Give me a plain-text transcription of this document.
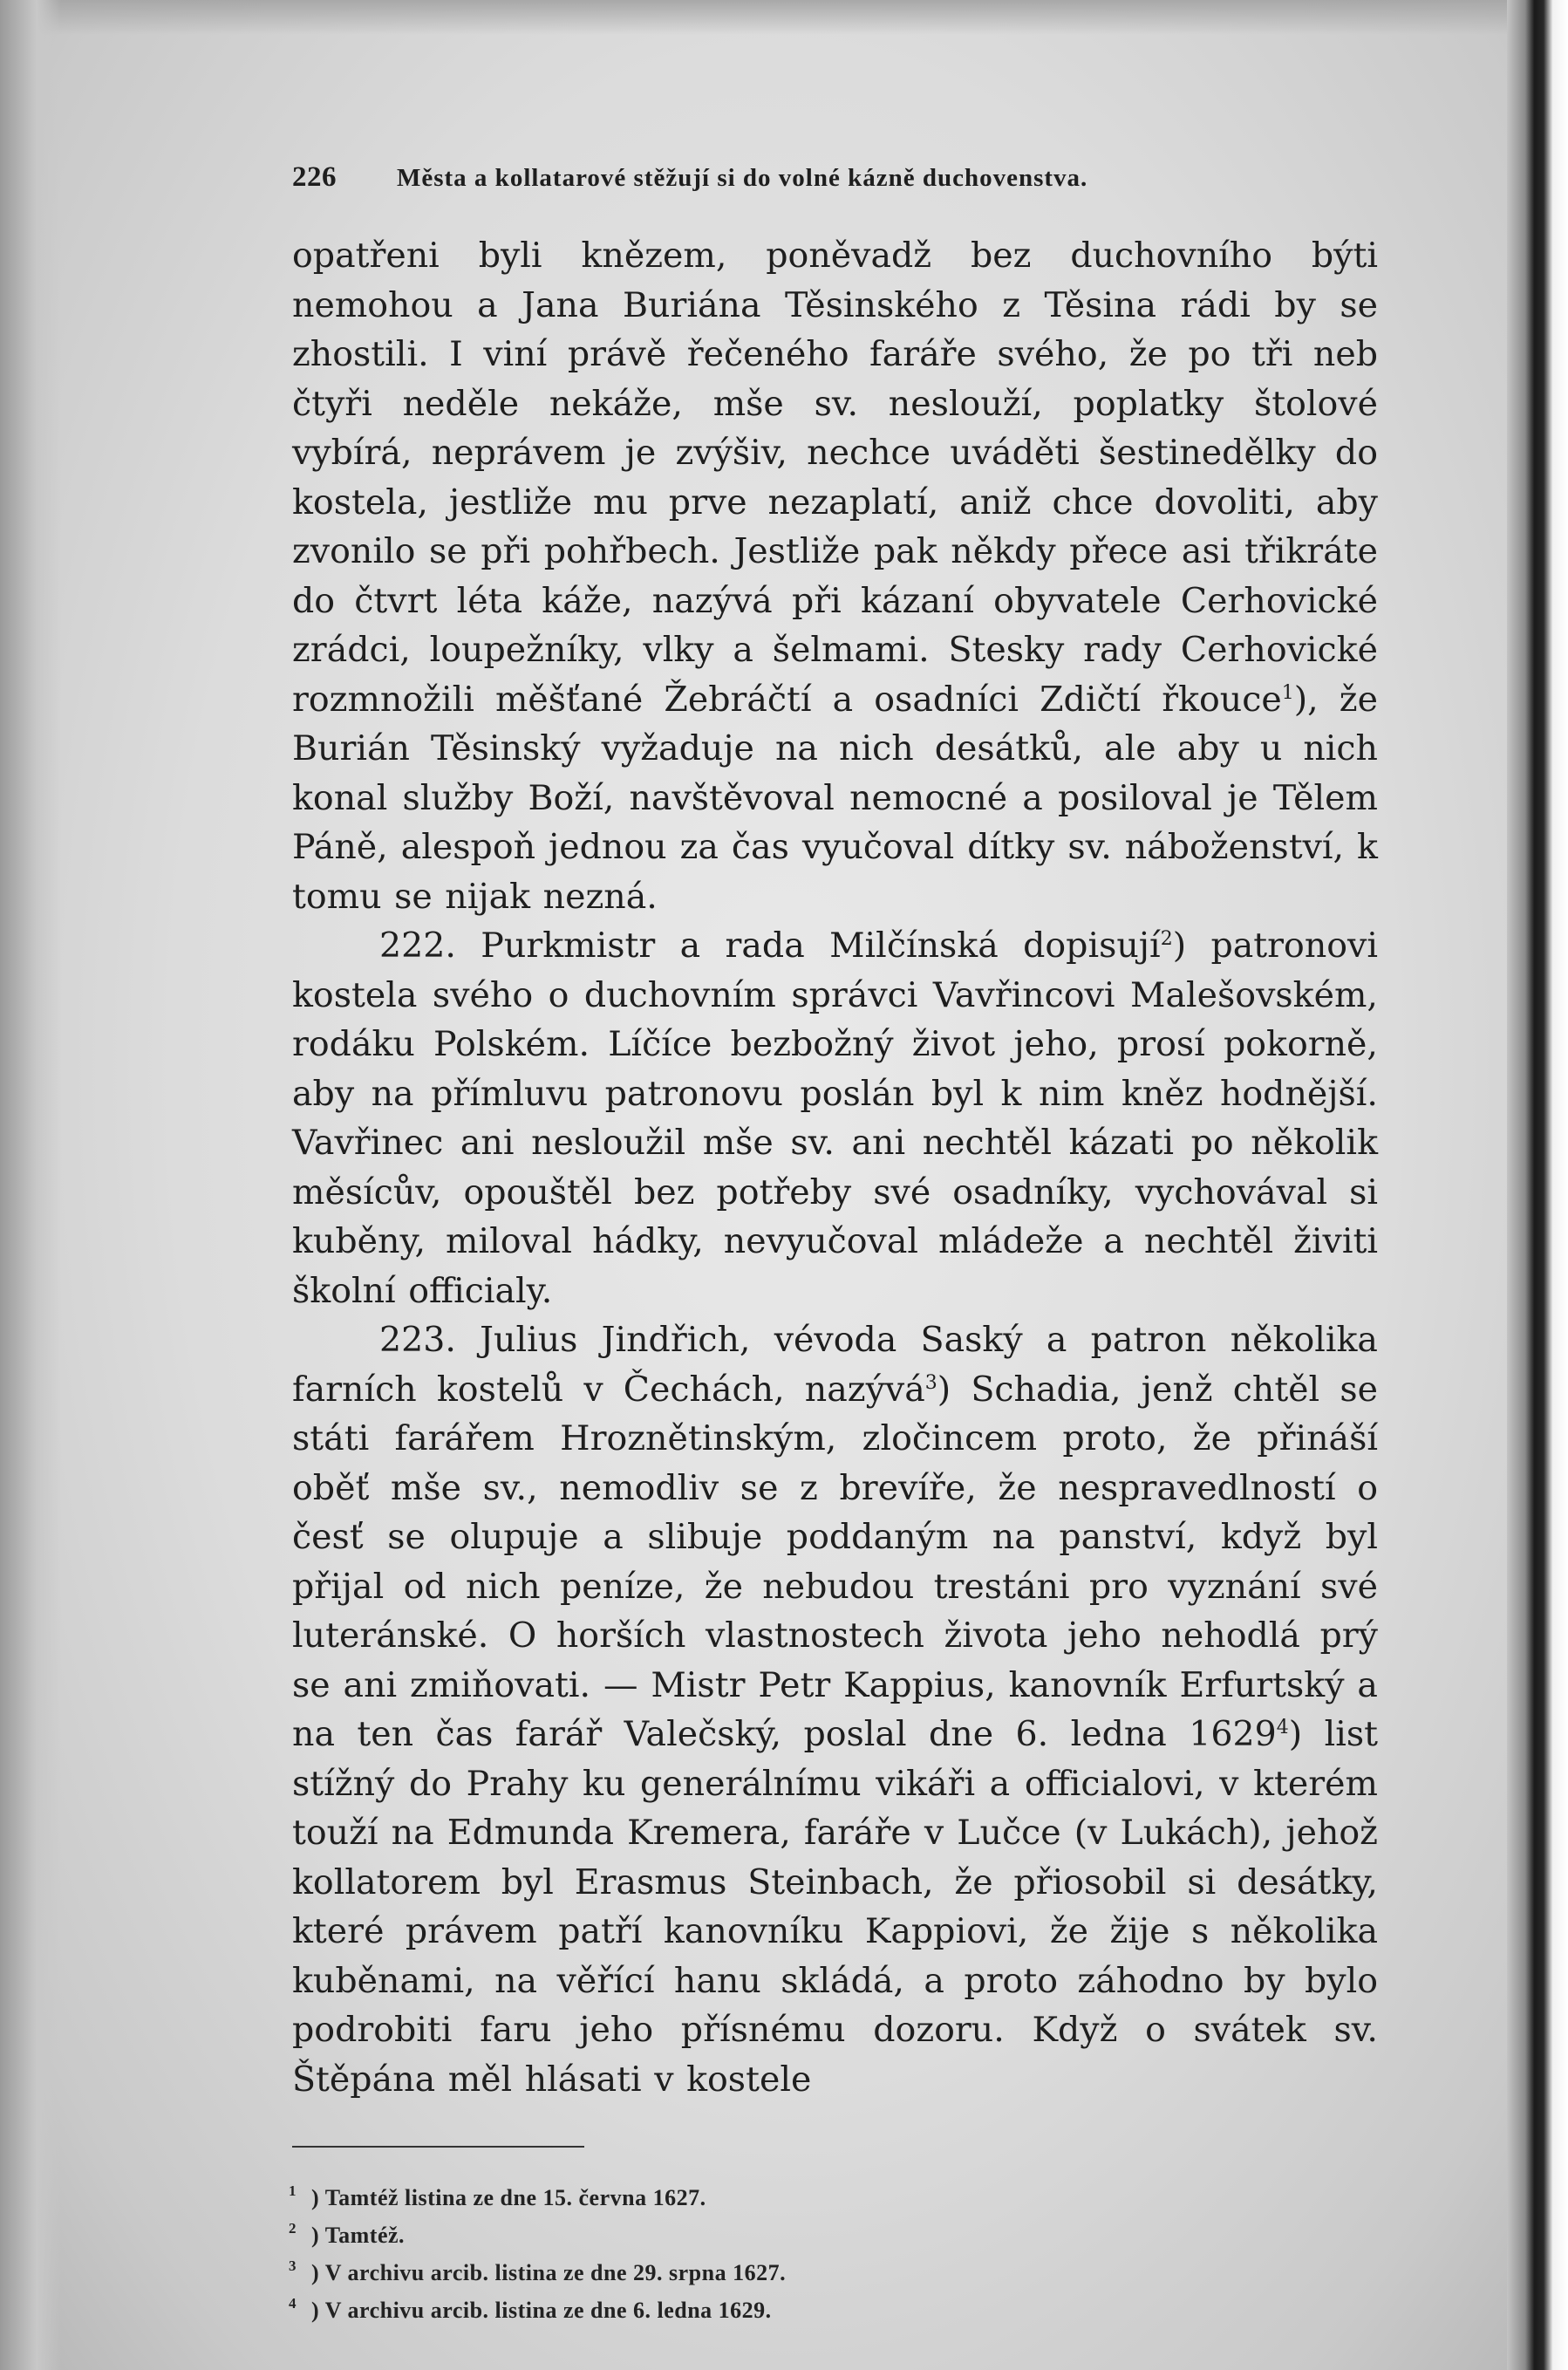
226	Města a kollatarové stěžují si do volné kázně duchovenstva.

opatřeni byli knězem, poněvadž bez duchovního býti nemohou a Jana Buriána Těsinského z Těsina rádi by se zhostili. I viní právě řečeného faráře svého, že po tři neb čtyři neděle nekáže, mše sv. neslouží, poplatky štolové vybírá, neprávem je zvýšiv, nechce uváděti šestinedělky do kostela, jestliže mu prve nezaplatí, aniž chce dovoliti, aby zvonilo se při pohřbech. Jestliže pak někdy přece asi třikráte do čtvrt léta káže, nazývá při kázaní obyvatele Cerhovické zrádci, loupežníky, vlky a šelmami. Stesky rady Cerhovické rozmnožili měšťané Žebráčtí a osadníci Zdičtí řkouce$^1$), že Burián Těsinský vyžaduje na nich desátků, ale aby u nich konal služby Boží, navštěvoval nemocné a posiloval je Tělem Páně, alespoň jednou za čas vyučoval dítky sv. náboženství, k tomu se nijak nezná.

222. Purkmistr a rada Milčínská dopisují$^2$) patronovi kostela svého o duchovním správci Vavřincovi Malešovském, rodáku Polském. Líčíce bezbožný život jeho, prosí pokorně, aby na přímluvu patronovu poslán byl k nim kněz hodnější. Vavřinec ani nesloužil mše sv. ani nechtěl kázati po několik měsícův, opouštěl bez potřeby své osadníky, vychovával si kuběny, miloval hádky, nevyučoval mládeže a nechtěl živiti školní officialy.

223. Julius Jindřich, vévoda Saský a patron několika farních kostelů v Čechách, nazývá$^3$) Schadia, jenž chtěl se státi farářem Hroznětinským, zločincem proto, že přináší oběť mše sv., nemodliv se z brevíře, že nespravedlností o česť se olupuje a slibuje poddaným na panství, když byl přijal od nich peníze, že nebudou trestáni pro vyznání své luteránské. O horších vlastnostech života jeho nehodlá prý se ani zmiňovati. — Mistr Petr Kappius, kanovník Erfurtský a na ten čas farář Valečský, poslal dne 6. ledna 1629$^4$) list stížný do Prahy ku generálnímu vikáři a officialovi, v kterém touží na Edmunda Kremera, faráře v Lučce (v Lukách), jehož kollatorem byl Erasmus Steinbach, že přiosobil si desátky, které právem patří kanovníku Kappiovi, že žije s několika kuběnami, na věřící hanu skládá, a proto záhodno by bylo podrobiti faru jeho přísnému dozoru. Když o svátek sv. Štěpána měl hlásati v kostele

1 ) Tamtéž listina ze dne 15. června 1627.
2 ) Tamtéž.
3 ) V archivu arcib. listina ze dne 29. srpna 1627.
4 ) V archivu arcib. listina ze dne 6. ledna 1629.
